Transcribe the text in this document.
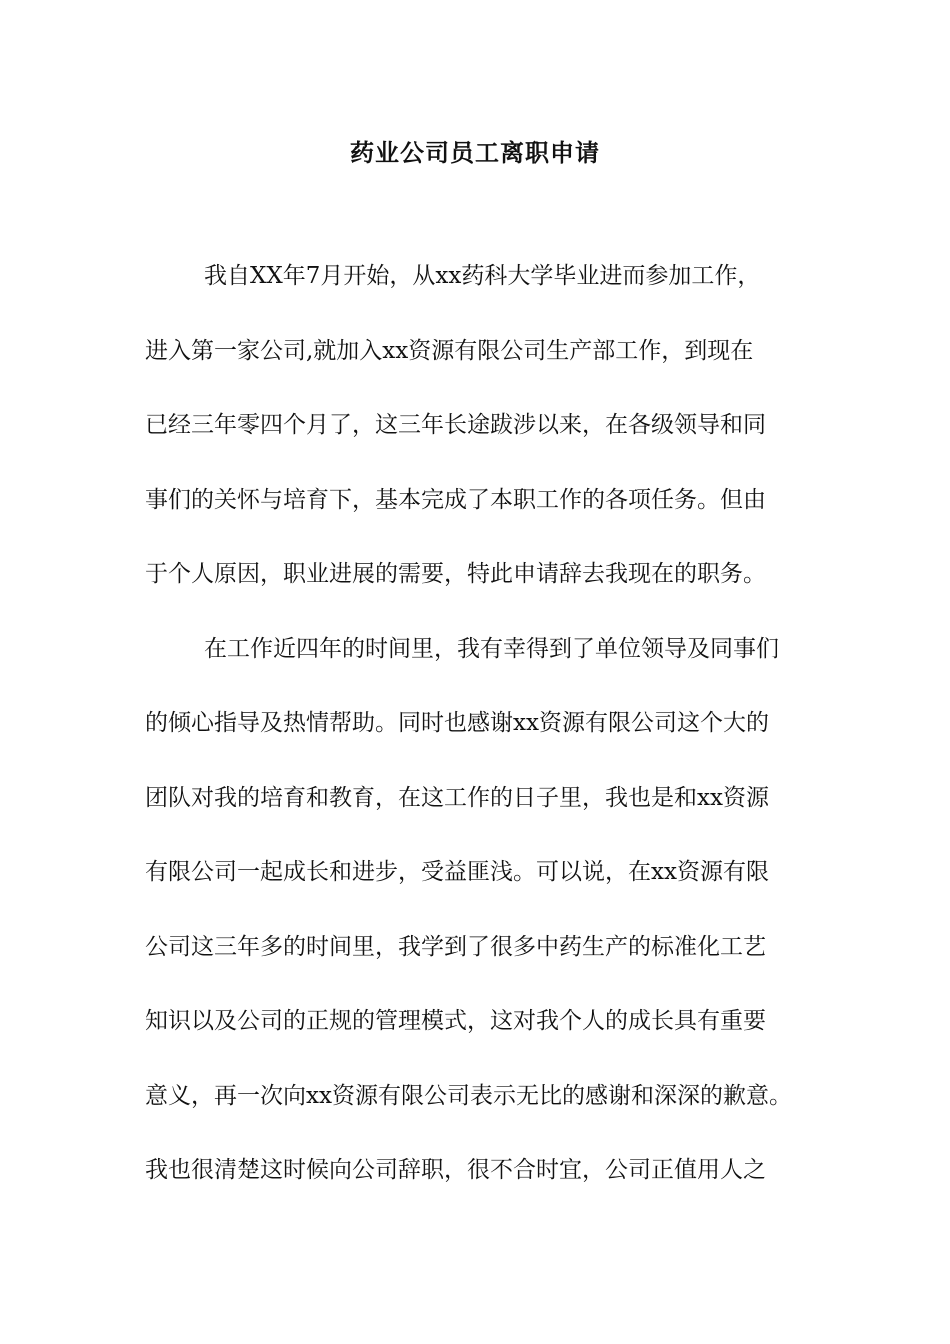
药业公司员工离职申请
我自XX年7月开始，从xx药科大学毕业进而参加工作，
进入第一家公司,就加入xx资源有限公司生产部工作，到现在
已经三年零四个月了，这三年长途跋涉以来，在各级领导和同
事们的关怀与培育下，基本完成了本职工作的各项任务。但由
于个人原因，职业进展的需要，特此申请辞去我现在的职务。
在工作近四年的时间里，我有幸得到了单位领导及同事们
的倾心指导及热情帮助。同时也感谢xx资源有限公司这个大的
团队对我的培育和教育，在这工作的日子里，我也是和xx资源
有限公司一起成长和进步，受益匪浅。可以说，在xx资源有限
公司这三年多的时间里，我学到了很多中药生产的标准化工艺
知识以及公司的正规的管理模式，这对我个人的成长具有重要
意义，再一次向xx资源有限公司表示无比的感谢和深深的歉意。
我也很清楚这时候向公司辞职，很不合时宜，公司正值用人之
